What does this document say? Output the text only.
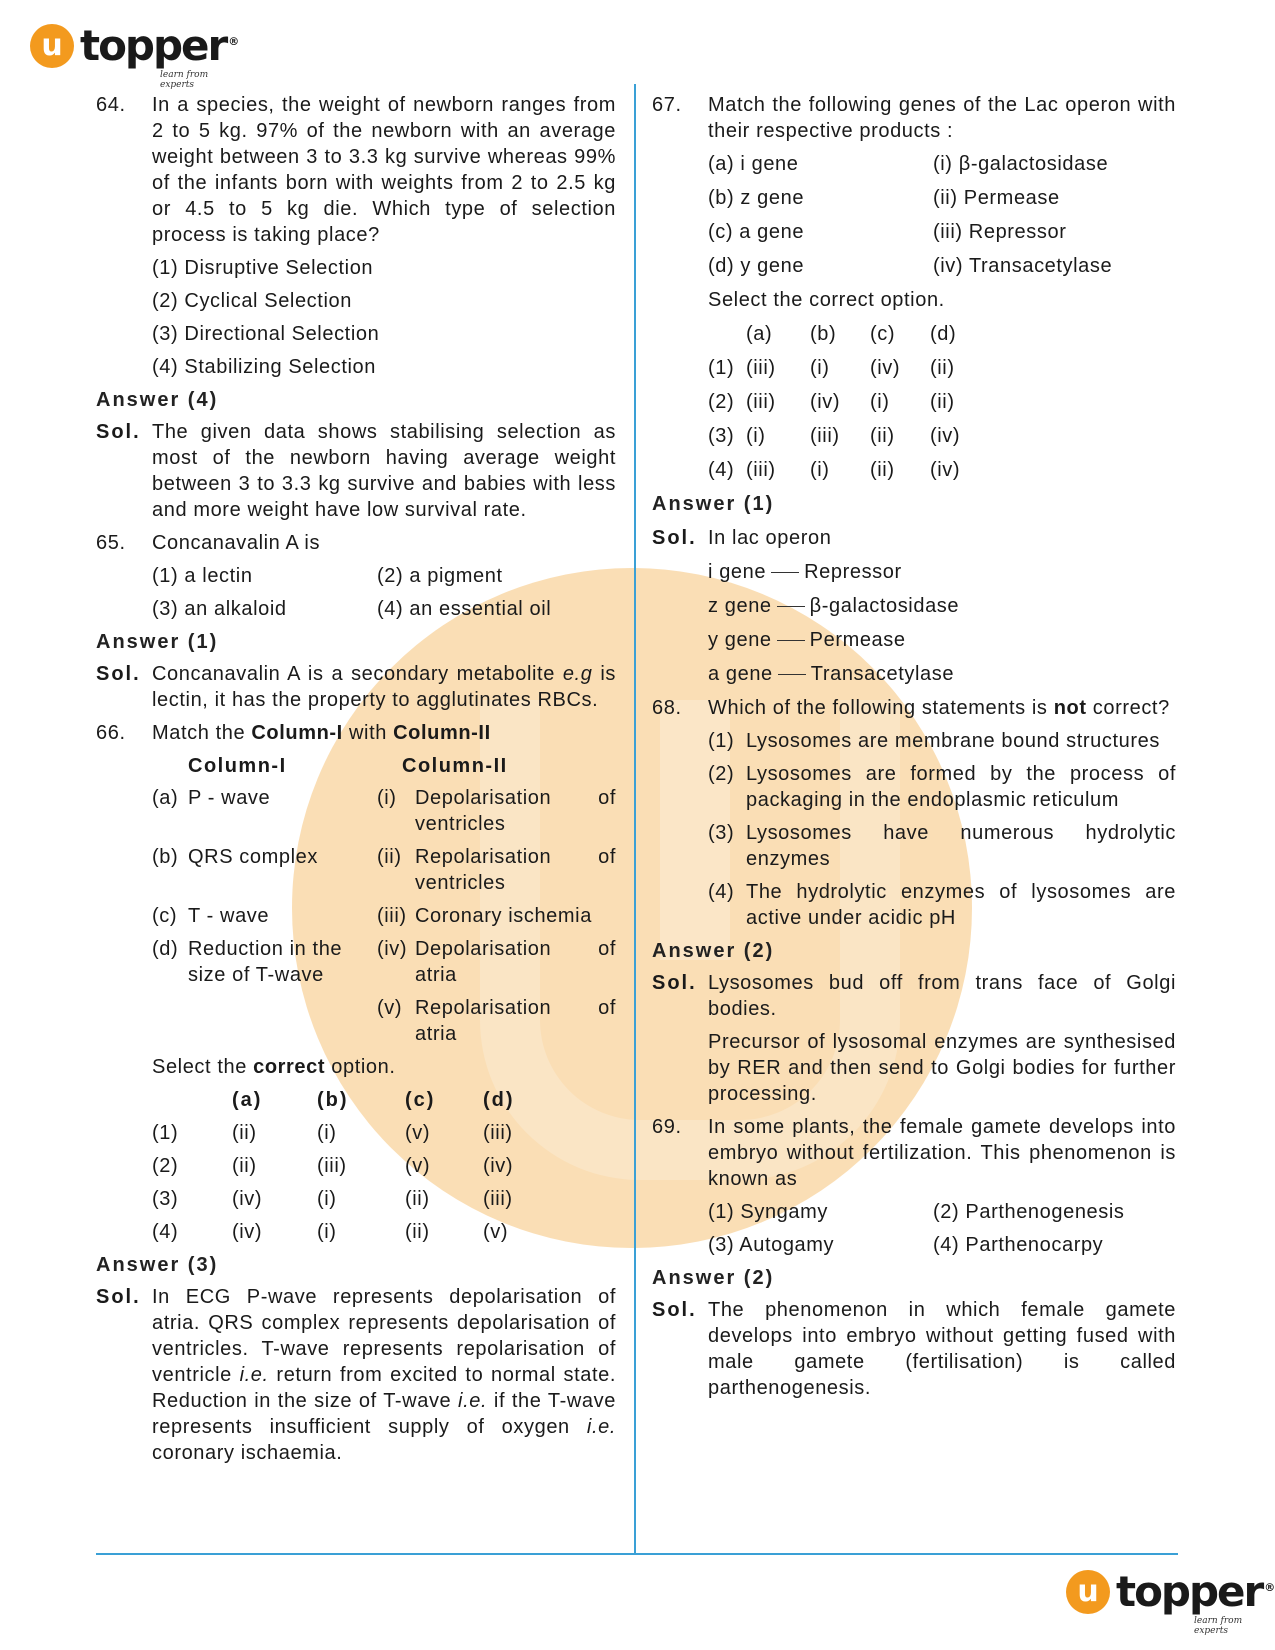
u topper ®
learn from experts
64. In a species, the weight of newborn ranges from 2 to 5 kg. 97% of the newborn with an average weight between 3 to 3.3 kg survive whereas 99% of the infants born with weights from 2 to 2.5 kg or 4.5 to 5 kg die. Which type of selection process is taking place?
(1) Disruptive Selection
(2) Cyclical Selection
(3) Directional Selection
(4) Stabilizing Selection
Answer (4)
Sol. The given data shows stabilising selection as most of the newborn having average weight between 3 to 3.3 kg survive and babies with less and more weight have low survival rate.
65. Concanavalin A is
(1) a lectin	(2) a pigment
(3) an alkaloid	(4) an essential oil
Answer (1)
Sol. Concanavalin A is a secondary metabolite e.g is lectin, it has the property to agglutinates RBCs.
66. Match the Column-I with Column-II
Column-I	Column-II
(a) P - wave	(i) Depolarisation of ventricles
(b) QRS complex	(ii) Repolarisation of ventricles
(c) T - wave	(iii) Coronary ischemia
(d) Reduction in the size of T-wave
(iv) Depolarisation of atria
(v) Repolarisation of atria
Select the correct option.
(a)	(b)	(c)	(d)
(1)	(ii)	(i)	(v)	(iii)
(2)	(ii)	(iii)	(v)	(iv)
(3)	(iv)	(i)	(ii)	(iii)
(4)	(iv)	(i)	(ii)	(v)
Answer (3)
Sol. In ECG P-wave represents depolarisation of atria. QRS complex represents depolarisation of ventricles. T-wave represents repolarisation of ventricle i.e. return from excited to normal state. Reduction in the size of T-wave i.e. if the T-wave represents insufficient supply of oxygen i.e. coronary ischaemia.
67. Match the following genes of the Lac operon with their respective products :
(a) i gene	(i) β-galactosidase
(b) z gene	(ii) Permease
(c) a gene	(iii) Repressor
(d) y gene	(iv) Transacetylase
Select the correct option.
(a)	(b)	(c)	(d)
(1) (iii)	(i)	(iv)	(ii)
(2) (iii)	(iv)	(i)	(ii)
(3) (i)	(iii)	(ii)	(iv)
(4) (iii)	(i)	(ii)	(iv)
Answer (1)
Sol. In lac operon
i gene Repressor
z gene β-galactosidase
y gene Permease
a gene Transacetylase
68. Which of the following statements is not correct?
(1) Lysosomes are membrane bound structures
(2) Lysosomes are formed by the process of packaging in the endoplasmic reticulum
(3) Lysosomes have numerous hydrolytic enzymes
(4) The hydrolytic enzymes of lysosomes are active under acidic pH
Answer (2)
Sol. Lysosomes bud off from trans face of Golgi bodies.
Precursor of lysosomal enzymes are synthesised by RER and then send to Golgi bodies for further processing.
69. In some plants, the female gamete develops into embryo without fertilization. This phenomenon is known as
(1) Syngamy	(2) Parthenogenesis
(3) Autogamy	(4) Parthenocarpy
Answer (2)
Sol. The phenomenon in which female gamete develops into embryo without getting fused with male gamete (fertilisation) is called parthenogenesis.
u topper ®
learn from experts
